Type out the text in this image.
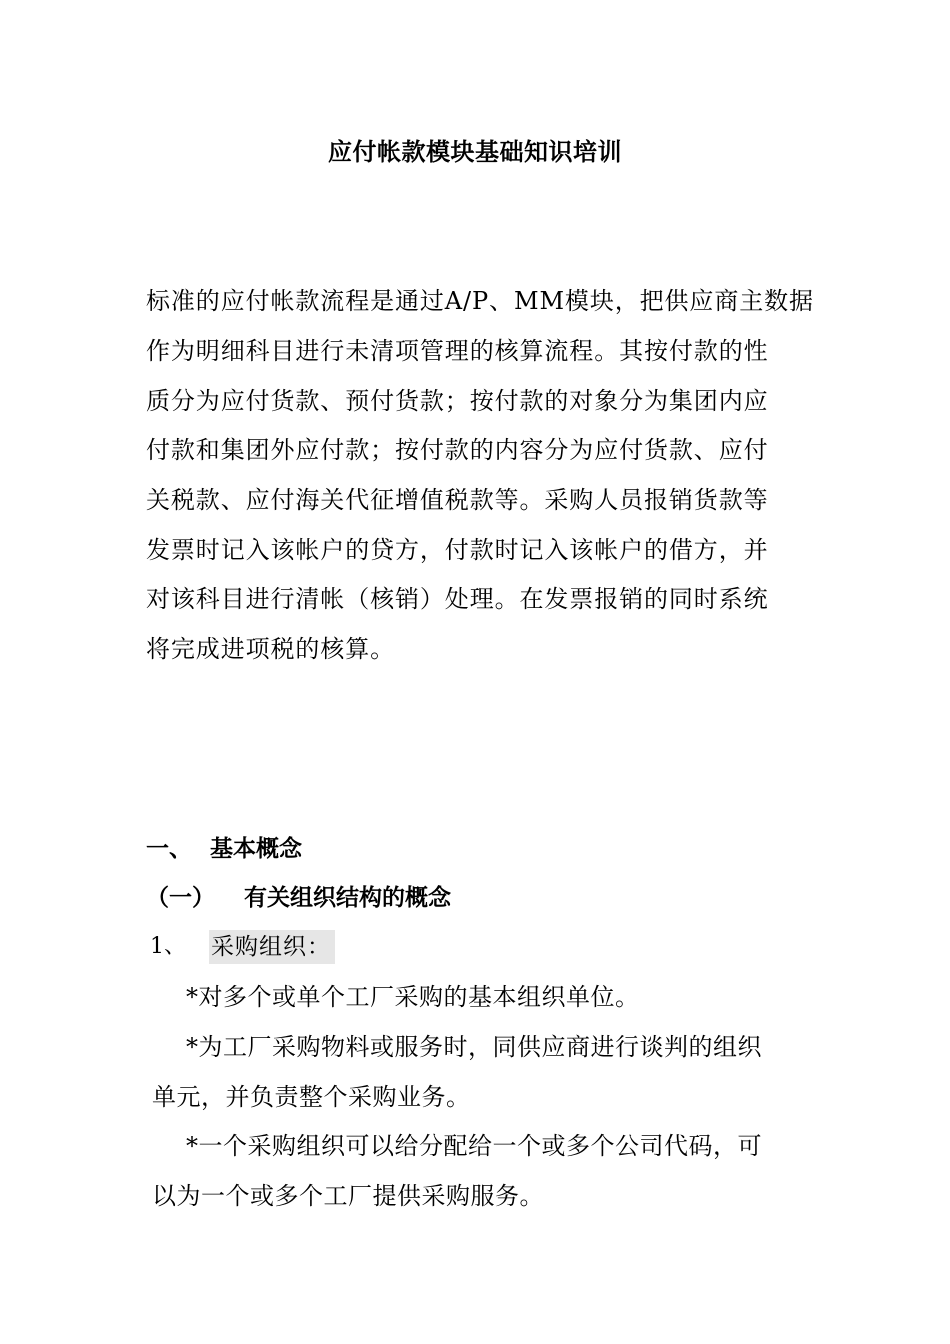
应付帐款模块基础知识培训
标准的应付帐款流程是通过A/P、MM模块，把供应商主数据
作为明细科目进行未清项管理的核算流程。其按付款的性
质分为应付货款、预付货款；按付款的对象分为集团内应
付款和集团外应付款；按付款的内容分为应付货款、应付
关税款、应付海关代征增值税款等。采购人员报销货款等
发票时记入该帐户的贷方，付款时记入该帐户的借方，并
对该科目进行清帐（核销）处理。在发票报销的同时系统
将完成进项税的核算。
一、 基本概念
（一） 有关组织结构的概念
1、 采购组织：
*对多个或单个工厂采购的基本组织单位。
*为工厂采购物料或服务时，同供应商进行谈判的组织
单元，并负责整个采购业务。
*一个采购组织可以给分配给一个或多个公司代码，可
以为一个或多个工厂提供采购服务。
